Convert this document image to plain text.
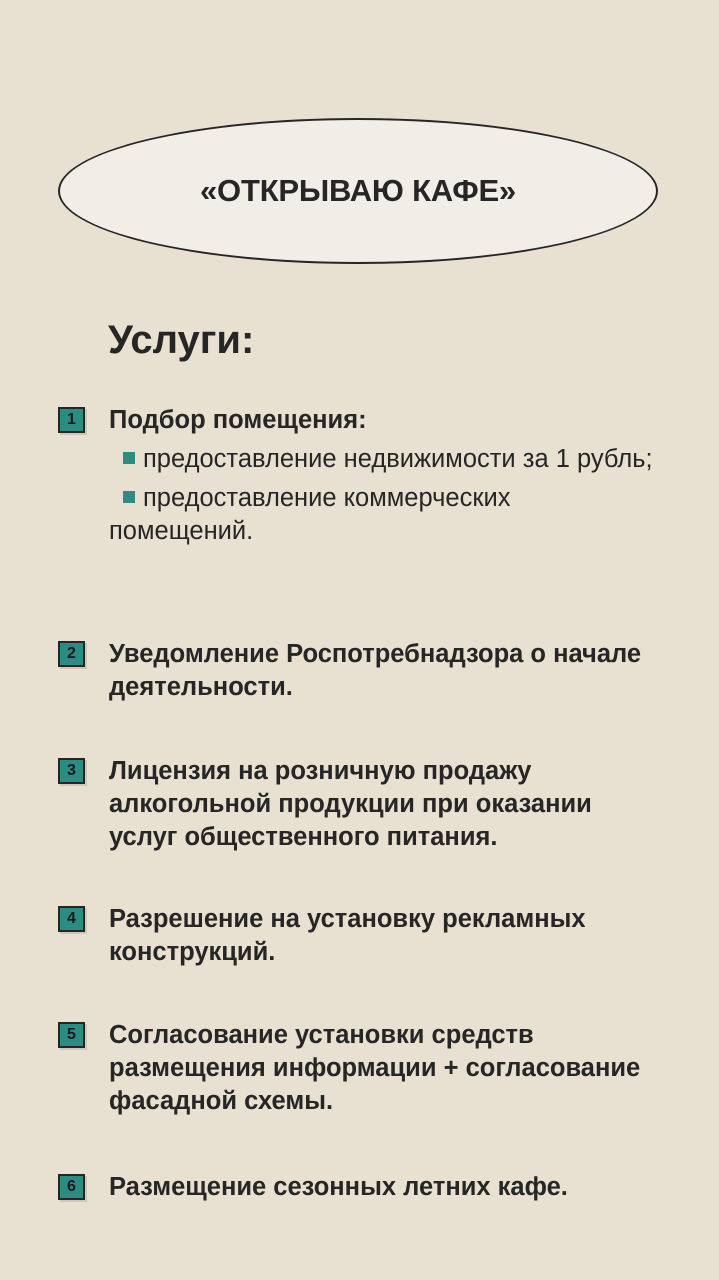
«ОТКРЫВАЮ КАФЕ»
Услуги:
1	Подбор помещения:
предоставление недвижимости за 1 рубль;
предоставление коммерческих помещений.
2	Уведомление Роспотребнадзора о начале деятельности.
3	Лицензия на розничную продажу алкогольной продукции при оказании услуг общественного питания.
4	Разрешение на установку рекламных конструкций.
5	Согласование установки средств размещения информации + согласование фасадной схемы.
6	Размещение сезонных летних кафе.
